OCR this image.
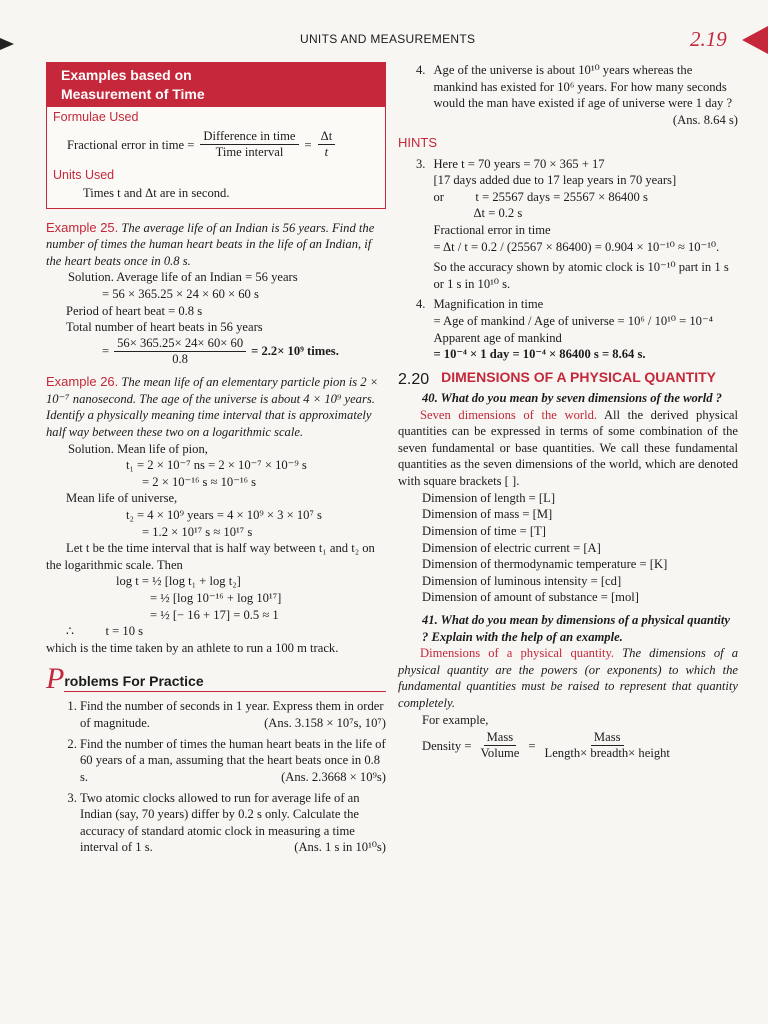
UNITS AND MEASUREMENTS	2.19
Examples based on
Measurement of Time
Formulae Used
Fractional error in time = $\frac{\text{Difference in time}}{\text{Time interval}} = \frac{\Delta t}{t}$
Units Used
Times t and Δt are in second.
Example 25. The average life of an Indian is 56 years. Find the number of times the human heart beats in the life of an Indian, if the heart beats once in 0.8 s.
Solution. Average life of an Indian = 56 years
= 56 × 365.25 × 24 × 60 × 60 s
Period of heart beat = 0.8 s
Total number of heart beats in 56 years
= $\frac{56\times 365.25\times 24\times 60\times 60}{0.8} = 2.2\times 10^9$ times.
Example 26. The mean life of an elementary particle pion is 2 × 10⁻⁷ nanosecond. The age of the universe is about 4 × 10⁹ years. Identify a physically meaning time interval that is approximately half way between these two on a logarithmic scale.
Solution. Mean life of pion,
t₁ = 2 × 10⁻⁷ ns = 2 × 10⁻⁷ × 10⁻⁹ s
= 2 × 10⁻¹⁶ s ≈ 10⁻¹⁶ s
Mean life of universe,
t₂ = 4 × 10⁹ years = 4 × 10⁹ × 3 × 10⁷ s
= 1.2 × 10¹⁷ s ≈ 10¹⁷ s
Let t be the time interval that is half way between t₁ and t₂ on the logarithmic scale. Then
log t = ½ [log t₁ + log t₂]
= ½ [log 10⁻¹⁶ + log 10¹⁷]
= ½ [− 16 + 17] = 0.5 ≈ 1
∴          t = 10 s
which is the time taken by an athlete to run a 100 m track.
P roblems For Practice
1. Find the number of seconds in 1 year. Express them in order of magnitude.	(Ans. 3.158 × 10⁷s, 10⁷)
2. Find the number of times the human heart beats in the life of 60 years of a man, assuming that the heart beats once in 0.8 s.	(Ans. 2.3668 × 10⁹s)
3. Two atomic clocks allowed to run for average life of an Indian (say, 70 years) differ by 0.2 s only. Calculate the accuracy of standard atomic clock in measuring a time interval of 1 s.	(Ans. 1 s in 10¹⁰s)
4. Age of the universe is about 10¹⁰ years whereas the mankind has existed for 10⁶ years. For how many seconds would the man have existed if age of universe were 1 day ?
(Ans. 8.64 s)
HINTS
3. Here t = 70 years = 70 × 365 + 17
[17 days added due to 17 leap years in 70 years]
or          t = 25567 days = 25567 × 86400 s
Δt = 0.2 s
Fractional error in time
= Δt / t = 0.2 / (25567 × 86400) = 0.904 × 10⁻¹⁰ ≈ 10⁻¹⁰.
So the accuracy shown by atomic clock is 10⁻¹⁰ part in 1 s or 1 s in 10¹⁰ s.
4. Magnification in time
= Age of mankind / Age of universe = 10⁶ / 10¹⁰ = 10⁻⁴
Apparent age of mankind
= 10⁻⁴ × 1 day = 10⁻⁴ × 86400 s = 8.64 s.
2.20 DIMENSIONS OF A PHYSICAL QUANTITY
40. What do you mean by seven dimensions of the world ?
Seven dimensions of the world. All the derived physical quantities can be expressed in terms of some combination of the seven fundamental or base quantities. We call these fundamental quantities as the seven dimensions of the world, which are denoted with square brackets [ ].
Dimension of length = [L]
Dimension of mass = [M]
Dimension of time = [T]
Dimension of electric current = [A]
Dimension of thermodynamic temperature = [K]
Dimension of luminous intensity = [cd]
Dimension of amount of substance = [mol]
41. What do you mean by dimensions of a physical quantity ? Explain with the help of an example.
Dimensions of a physical quantity. The dimensions of a physical quantity are the powers (or exponents) to which the fundamental quantities must be raised to represent that quantity completely.
For example,
Density = $\frac{\text{Mass}}{\text{Volume}} = \frac{\text{Mass}}{\text{Length× breadth× height}}$
